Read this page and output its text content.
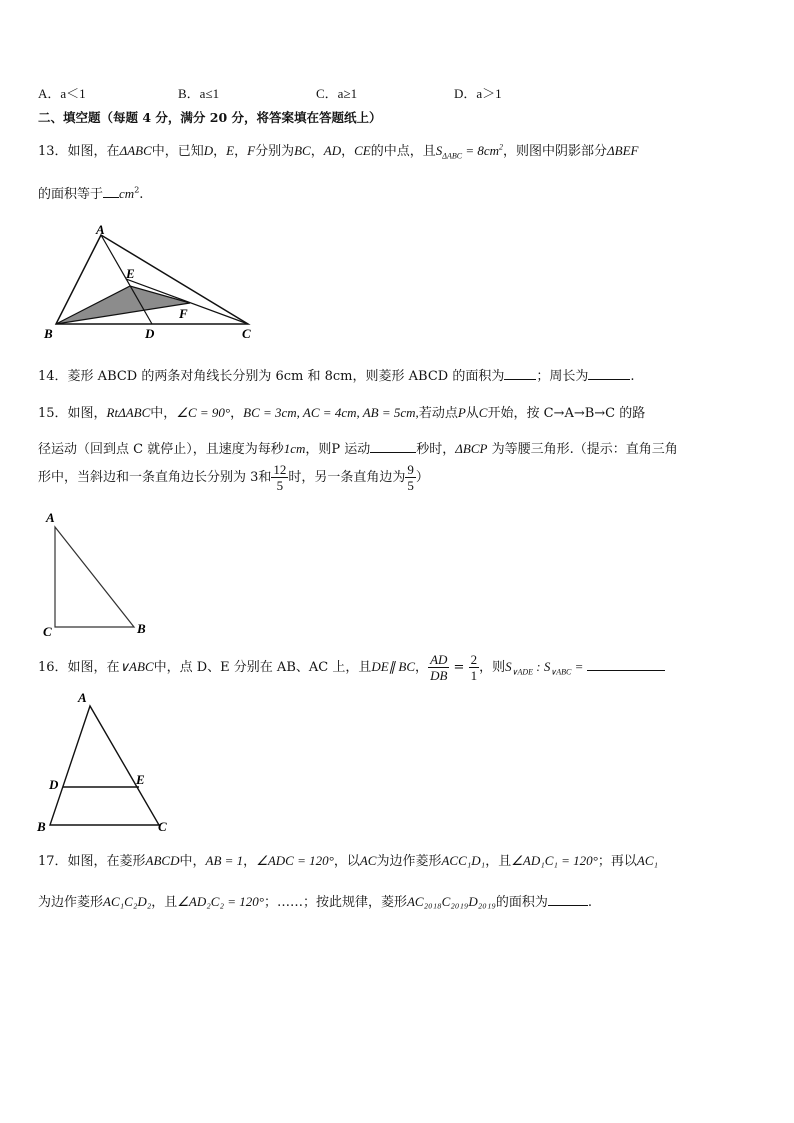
A．a＜1	B．a≤1	C．a≥1	D．a＞1
二、填空题（每题 4 分，满分 20 分，将答案填在答题纸上）
13．如图，在ΔABC中，已知D，E，F分别为BC，AD，CE的中点，且$S_{\Delta ABC} = 8cm^2$，则图中阴影部分ΔBEF
的面积等于 $cm^2$.
A
B	C
D
E
F
14．菱形 ABCD 的两条对角线长分别为 6cm 和 8cm，则菱形 ABCD 的面积为 ；周长为	.
15．如图，RtΔABC中，∠C = 90°，BC = 3cm, AC = 4cm, AB = 5cm,若动点P从C开始，按 C→A→B→C 的路
径运动（回到点 C 就停止），且速度为每秒1cm，则P 运动	秒时，ΔBCP 为等腰三角形.（提示：直角三角
形中，当斜边和一条直角边长分别为 3和 $\frac{12}{5}$ 时，另一条直角边为 $\frac{9}{5}$ ）
A
C	B
16．如图，在∨ABC中，点 D、E 分别在 AB、AC 上，且DE∥ BC， $\frac{AD}{DB} = \frac{2}{1}$ ，则$S_{\vee ADE}$ : $S_{\vee ABC}$ =
A
B	C
D	E
17．如图，在菱形ABCD中，AB = 1，∠ADC = 120°，以AC为边作菱形ACC₁D₁，且∠AD₁C₁ = 120°；再以AC₁
为边作菱形AC₁C₂D₂，且∠AD₂C₂ = 120°；……；按此规律，菱形AC₂₀₁₈C₂₀₁₉D₂₀₁₉的面积为	.
